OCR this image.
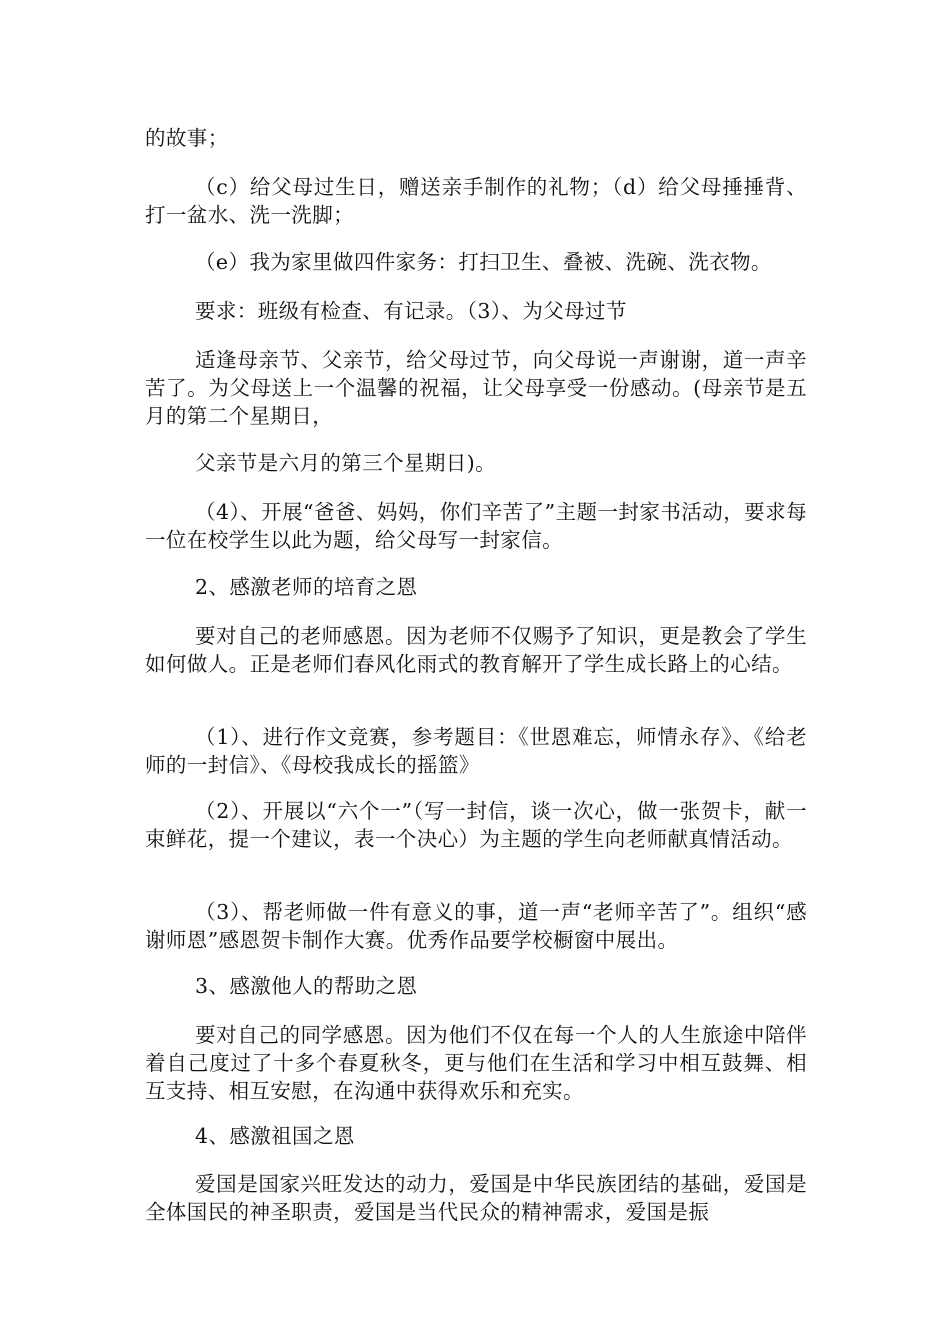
的故事；

（c）给父母过生日，赠送亲手制作的礼物；（d）给父母捶捶背、打一盆水、洗一洗脚；

（e）我为家里做四件家务：打扫卫生、叠被、洗碗、洗衣物。

要求：班级有检查、有记录。（3）、为父母过节

适逢母亲节、父亲节，给父母过节，向父母说一声谢谢，道一声辛苦了。为父母送上一个温馨的祝福，让父母享受一份感动。(母亲节是五月的第二个星期日，

父亲节是六月的第三个星期日)。

（4）、开展“爸爸、妈妈，你们辛苦了”主题一封家书活动，要求每一位在校学生以此为题，给父母写一封家信。

2、感激老师的培育之恩

要对自己的老师感恩。因为老师不仅赐予了知识，更是教会了学生如何做人。正是老师们春风化雨式的教育解开了学生成长路上的心结。

（1）、进行作文竞赛，参考题目：《世恩难忘，师情永存》、《给老师的一封信》、《母校我成长的摇篮》

（2）、开展以“六个一”（写一封信，谈一次心，做一张贺卡，献一束鲜花，提一个建议，表一个决心）为主题的学生向老师献真情活动。

（3）、帮老师做一件有意义的事，道一声“老师辛苦了”。组织“感谢师恩”感恩贺卡制作大赛。优秀作品要学校橱窗中展出。

3、感激他人的帮助之恩

要对自己的同学感恩。因为他们不仅在每一个人的人生旅途中陪伴着自己度过了十多个春夏秋冬，更与他们在生活和学习中相互鼓舞、相互支持、相互安慰，在沟通中获得欢乐和充实。

4、感激祖国之恩

爱国是国家兴旺发达的动力，爱国是中华民族团结的基础，爱国是全体国民的神圣职责，爱国是当代民众的精神需求，爱国是振
